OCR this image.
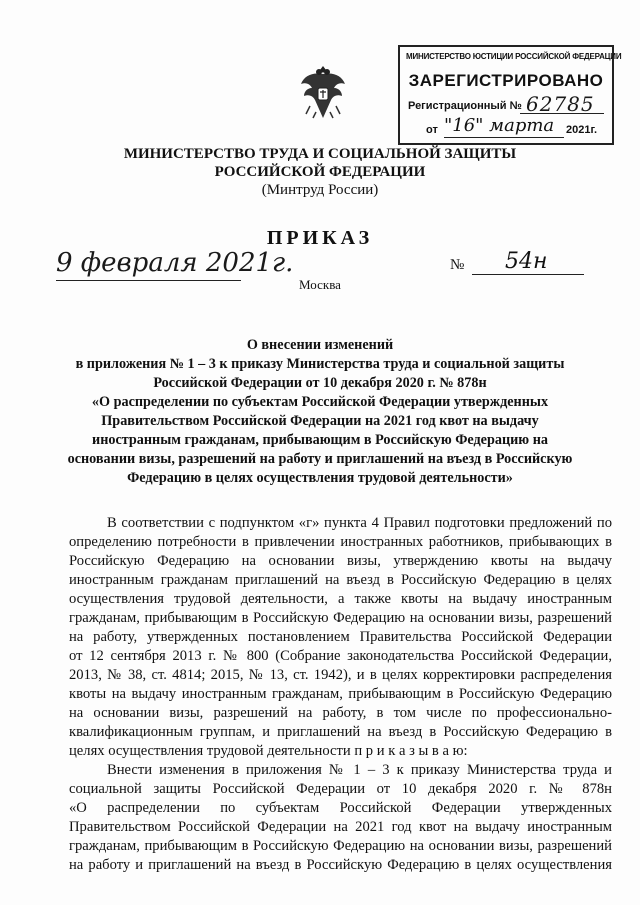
МИНИСТЕРСТВО ЮСТИЦИИ РОССИЙСКОЙ ФЕДЕРАЦИИ
ЗАРЕГИСТРИРОВАНО
Регистрационный № 62785
от "16" марта 2021г.
МИНИСТЕРСТВО ТРУДА И СОЦИАЛЬНОЙ ЗАЩИТЫ
РОССИЙСКОЙ ФЕДЕРАЦИИ
(Минтруд России)
ПРИКАЗ
9 февраля 2021г.	№ 54н
Москва
О внесении изменений
в приложения № 1 – 3 к приказу Министерства труда и социальной защиты
Российской Федерации от 10 декабря 2020 г. № 878н
«О распределении по субъектам Российской Федерации утвержденных
Правительством Российской Федерации на 2021 год квот на выдачу
иностранным гражданам, прибывающим в Российскую Федерацию на
основании визы, разрешений на работу и приглашений на въезд в Российскую
Федерацию в целях осуществления трудовой деятельности»
В соответствии с подпунктом «г» пункта 4 Правил подготовки предложений по
определению потребности в привлечении иностранных работников, прибывающих в
Российскую Федерацию на основании визы, утверждению квоты на выдачу
иностранным гражданам приглашений на въезд в Российскую Федерацию в целях
осуществления трудовой деятельности, а также квоты на выдачу иностранным
гражданам, прибывающим в Российскую Федерацию на основании визы, разрешений
на работу, утвержденных постановлением Правительства Российской Федерации
от 12 сентября 2013 г. № 800 (Собрание законодательства Российской Федерации,
2013, № 38, ст. 4814; 2015, № 13, ст. 1942), и в целях корректировки распределения
квоты на выдачу иностранным гражданам, прибывающим в Российскую Федерацию
на основании визы, разрешений на работу, в том числе по профессионально-
квалификационным группам, и приглашений на въезд в Российскую Федерацию в
целях осуществления трудовой деятельности п р и к а з ы в а ю:
Внести изменения в приложения № 1 – 3 к приказу Министерства труда и
социальной защиты Российской Федерации от 10 декабря 2020 г. № 878н
«О распределении по субъектам Российской Федерации утвержденных
Правительством Российской Федерации на 2021 год квот на выдачу иностранным
гражданам, прибывающим в Российскую Федерацию на основании визы, разрешений
на работу и приглашений на въезд в Российскую Федерацию в целях осуществления
